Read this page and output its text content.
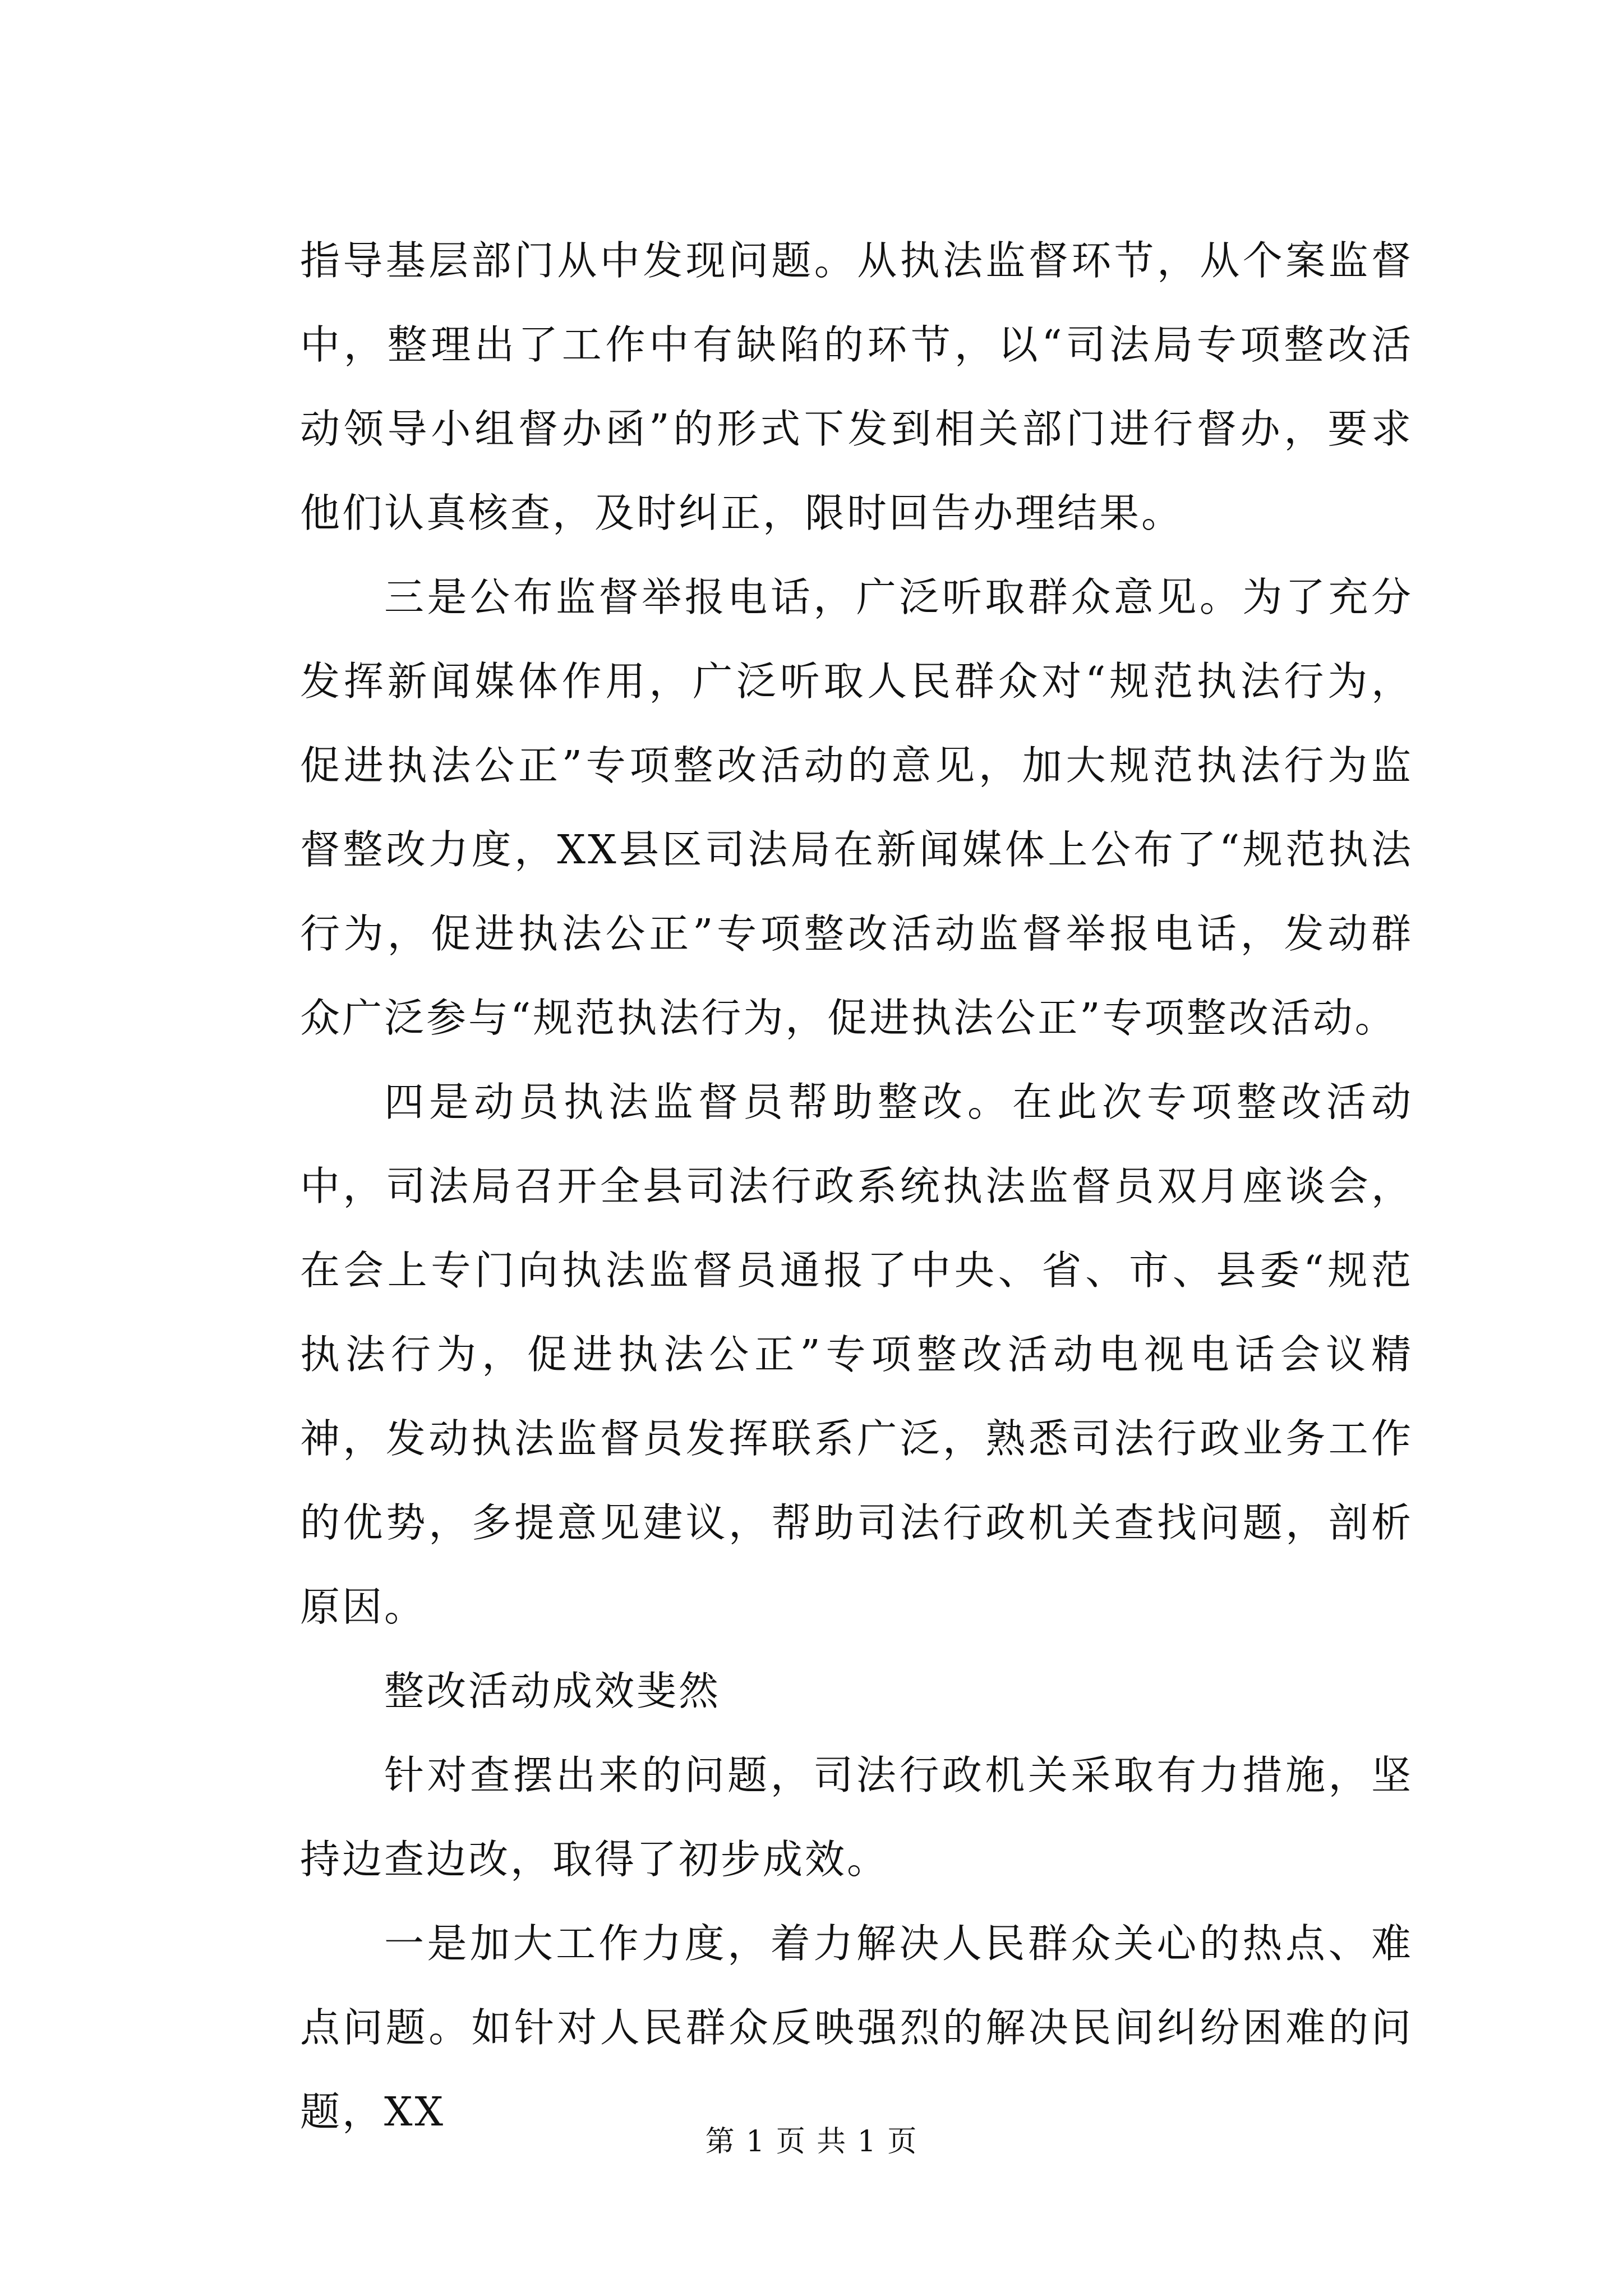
指导基层部门从中发现问题。从执法监督环节，从个案监督中，整理出了工作中有缺陷的环节，以“司法局专项整改活动领导小组督办函”的形式下发到相关部门进行督办，要求他们认真核查，及时纠正，限时回告办理结果。

三是公布监督举报电话，广泛听取群众意见。为了充分发挥新闻媒体作用，广泛听取人民群众对“规范执法行为，促进执法公正”专项整改活动的意见，加大规范执法行为监督整改力度，XX县区司法局在新闻媒体上公布了“规范执法行为，促进执法公正”专项整改活动监督举报电话，发动群众广泛参与“规范执法行为，促进执法公正”专项整改活动。

四是动员执法监督员帮助整改。在此次专项整改活动中，司法局召开全县司法行政系统执法监督员双月座谈会，在会上专门向执法监督员通报了中央、省、市、县委“规范执法行为，促进执法公正”专项整改活动电视电话会议精神，发动执法监督员发挥联系广泛，熟悉司法行政业务工作的优势，多提意见建议，帮助司法行政机关查找问题，剖析原因。

整改活动成效斐然

针对查摆出来的问题，司法行政机关采取有力措施，坚持边查边改，取得了初步成效。

一是加大工作力度，着力解决人民群众关心的热点、难点问题。如针对人民群众反映强烈的解决民间纠纷困难的问题，XX

第 1 页 共 1 页
